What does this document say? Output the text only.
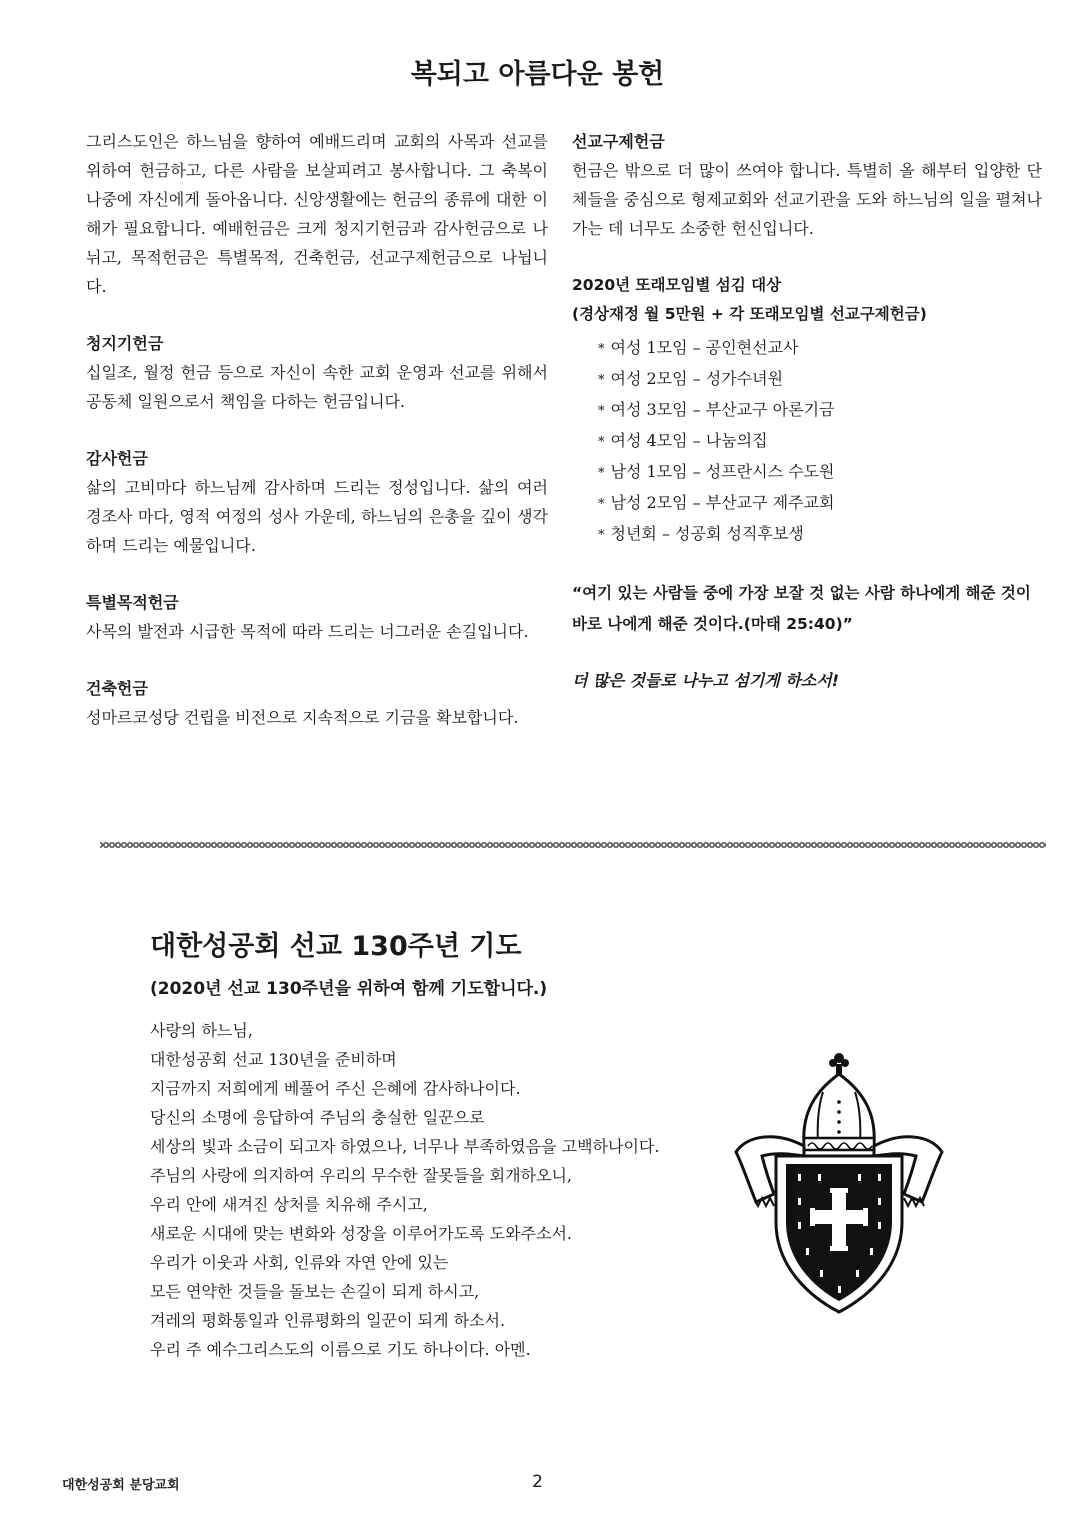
복되고 아름다운 봉헌

그리스도인은 하느님을 향하여 예배드리며 교회의 사목과 선교를 위하여 헌금하고, 다른 사람을 보살피려고 봉사합니다. 그 축복이 나중에 자신에게 돌아옵니다. 신앙생활에는 헌금의 종류에 대한 이해가 필요합니다. 예배헌금은 크게 청지기헌금과 감사헌금으로 나뉘고, 목적헌금은 특별목적, 건축헌금, 선교구제헌금으로 나뉩니다.

청지기헌금

십일조, 월정 헌금 등으로 자신이 속한 교회 운영과 선교를 위해서 공동체 일원으로서 책임을 다하는 헌금입니다.

감사헌금

삶의 고비마다 하느님께 감사하며 드리는 정성입니다. 삶의 여러 경조사 마다, 영적 여정의 성사 가운데, 하느님의 은총을 깊이 생각하며 드리는 예물입니다.

특별목적헌금

사목의 발전과 시급한 목적에 따라 드리는 너그러운 손길입니다.

건축헌금

성마르코성당 건립을 비전으로 지속적으로 기금을 확보합니다.

선교구제헌금

헌금은 밖으로 더 많이 쓰여야 합니다. 특별히 올 해부터 입양한 단체들을 중심으로 형제교회와 선교기관을 도와 하느님의 일을 펼쳐나가는 데 너무도 소중한 헌신입니다.

2020년 또래모임별 섬김 대상

(경상재정 월 5만원 + 각 또래모임별 선교구제헌금)

* 여성 1모임 – 공인현선교사
* 여성 2모임 – 성가수녀원
* 여성 3모임 – 부산교구 아론기금
* 여성 4모임 – 나눔의집
* 남성 1모임 – 성프란시스 수도원
* 남성 2모임 – 부산교구 제주교회
* 청년회 – 성공회 성직후보생

“여기 있는 사람들 중에 가장 보잘 것 없는 사람 하나에게 해준 것이 바로 나에게 해준 것이다.(마태 25:40)”

더 많은 것들로 나누고 섬기게 하소서!

대한성공회 선교 130주년 기도

(2020년 선교 130주년을 위하여 함께 기도합니다.)

사랑의 하느님,
대한성공회 선교 130년을 준비하며
지금까지 저희에게 베풀어 주신 은혜에 감사하나이다.
당신의 소명에 응답하여 주님의 충실한 일꾼으로
세상의 빛과 소금이 되고자 하였으나, 너무나 부족하였음을 고백하나이다.
주님의 사랑에 의지하여 우리의 무수한 잘못들을 회개하오니,
우리 안에 새겨진 상처를 치유해 주시고,
새로운 시대에 맞는 변화와 성장을 이루어가도록 도와주소서.
우리가 이웃과 사회, 인류와 자연 안에 있는
모든 연약한 것들을 돌보는 손길이 되게 하시고,
겨레의 평화통일과 인류평화의 일꾼이 되게 하소서.
우리 주 예수그리스도의 이름으로 기도 하나이다. 아멘.
대한성공회 분당교회	2
